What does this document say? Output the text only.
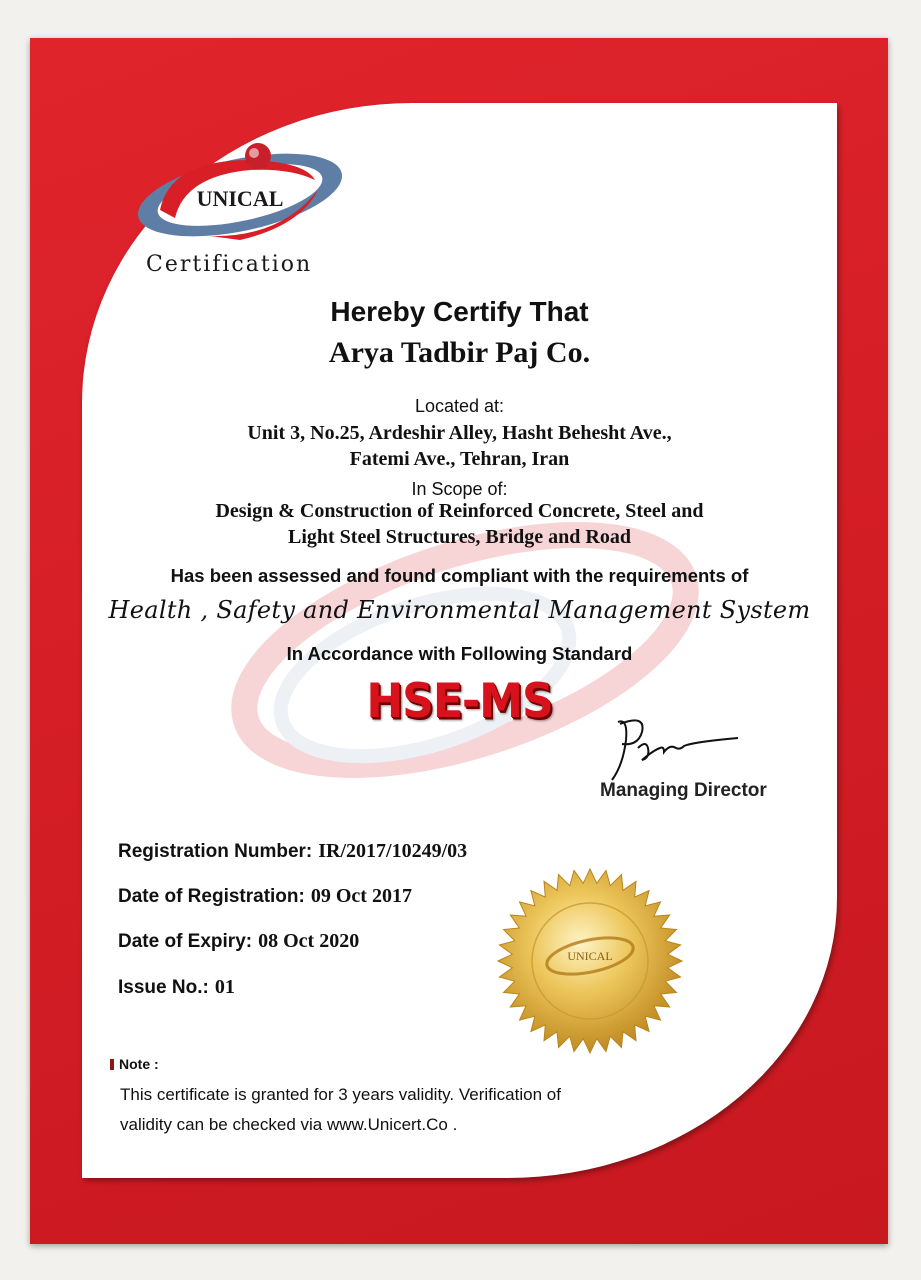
UNICAL
Certification
Hereby Certify That
Arya Tadbir Paj Co.
Located at:
Unit 3, No.25, Ardeshir Alley, Hasht Behesht Ave.,
Fatemi Ave., Tehran, Iran
In Scope of:
Design & Construction of Reinforced Concrete, Steel and
Light Steel Structures, Bridge and Road
Has been assessed and found compliant with the requirements of
Health , Safety and Environmental Management System
In Accordance with Following Standard
HSE-MS
Managing Director
Registration Number: IR/2017/10249/03
Date of Registration: 09 Oct 2017
Date of Expiry: 08 Oct 2020
Issue No.: 01
UNICAL
Note :
This certificate is granted for 3 years validity. Verification of
validity can be checked via www.Unicert.Co .
